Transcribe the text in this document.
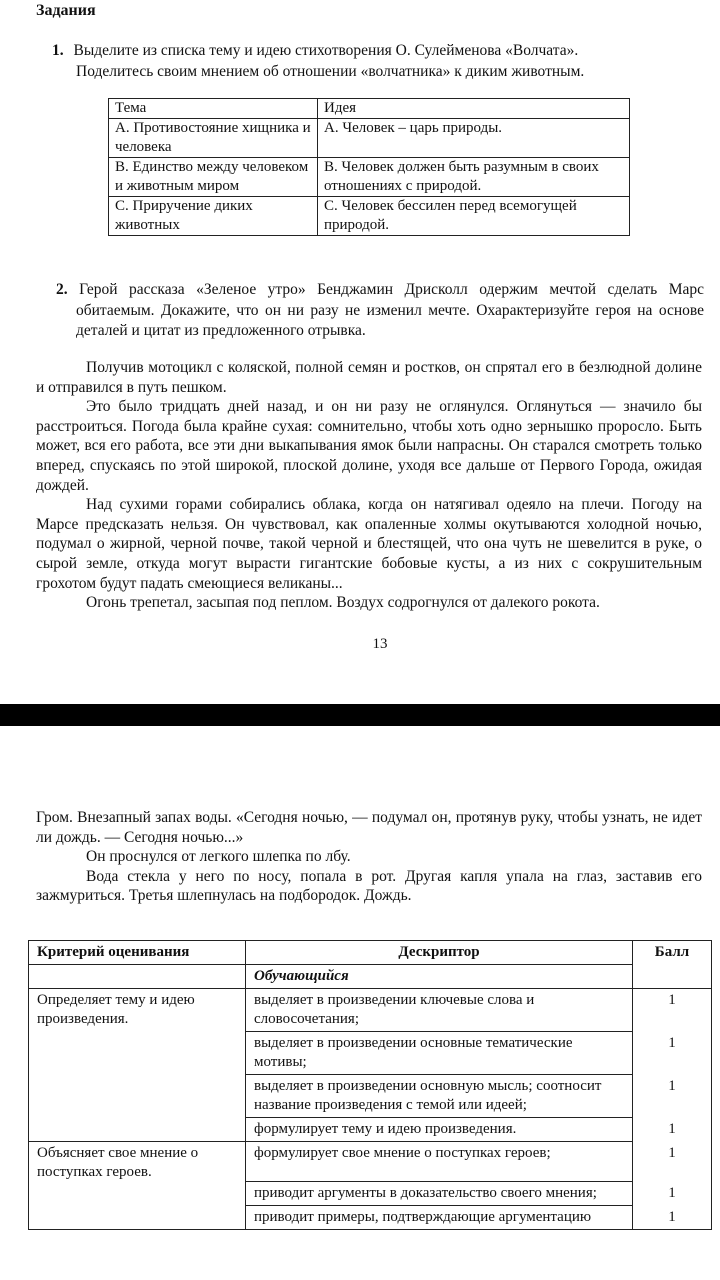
Задания
1. Выделите из списка тему и идею стихотворения О. Сулейменова «Волчата».
Поделитесь своим мнением об отношении «волчатника» к диким животным.
Тема	Идея
А. Противостояние хищника и человека	А. Человек – царь природы.
В. Единство между человеком и животным миром	В. Человек должен быть разумным в своих отношениях с природой.
С. Приручение диких животных	С. Человек бессилен перед всемогущей природой.
2. Герой рассказа «Зеленое утро» Бенджамин Дрисколл одержим мечтой сделать Марс обитаемым. Докажите, что он ни разу не изменил мечте. Охарактеризуйте героя на основе деталей и цитат из предложенного отрывка.

Получив мотоцикл с коляской, полной семян и ростков, он спрятал его в безлюдной долине и отправился в путь пешком.

Это было тридцать дней назад, и он ни разу не оглянулся. Оглянуться — значило бы расстроиться. Погода была крайне сухая: сомнительно, чтобы хоть одно зернышко проросло. Быть может, вся его работа, все эти дни выкапывания ямок были напрасны. Он старался смотреть только вперед, спускаясь по этой широкой, плоской долине, уходя все дальше от Первого Города, ожидая дождей.

Над сухими горами собирались облака, когда он натягивал одеяло на плечи. Погоду на Марсе предсказать нельзя. Он чувствовал, как опаленные холмы окутываются холодной ночью, подумал о жирной, черной почве, такой черной и блестящей, что она чуть не шевелится в руке, о сырой земле, откуда могут вырасти гигантские бобовые кусты, а из них с сокрушительным грохотом будут падать смеющиеся великаны...

Огонь трепетал, засыпая под пеплом. Воздух содрогнулся от далекого рокота.

13

Гром. Внезапный запах воды. «Сегодня ночью, — подумал он, протянув руку, чтобы узнать, не идет ли дождь. — Сегодня ночью...»

Он проснулся от легкого шлепка по лбу.

Вода стекла у него по носу, попала в рот. Другая капля упала на глаз, заставив его зажмуриться. Третья шлепнулась на подбородок. Дождь.

Критерий оценивания	Дескриптор	Балл
	Обучающийся	
Определяет тему и идею произведения.	выделяет в произведении ключевые слова и словосочетания;	1
	выделяет в произведении основные тематические мотивы;	1
	выделяет в произведении основную мысль; соотносит название произведения с темой или идеей;	1
	формулирует тему и идею произведения.	1
Объясняет свое мнение о поступках героев.	формулирует свое мнение о поступках героев;	1
	приводит аргументы в доказательство своего мнения;	1
	приводит примеры, подтверждающие аргументацию	1
